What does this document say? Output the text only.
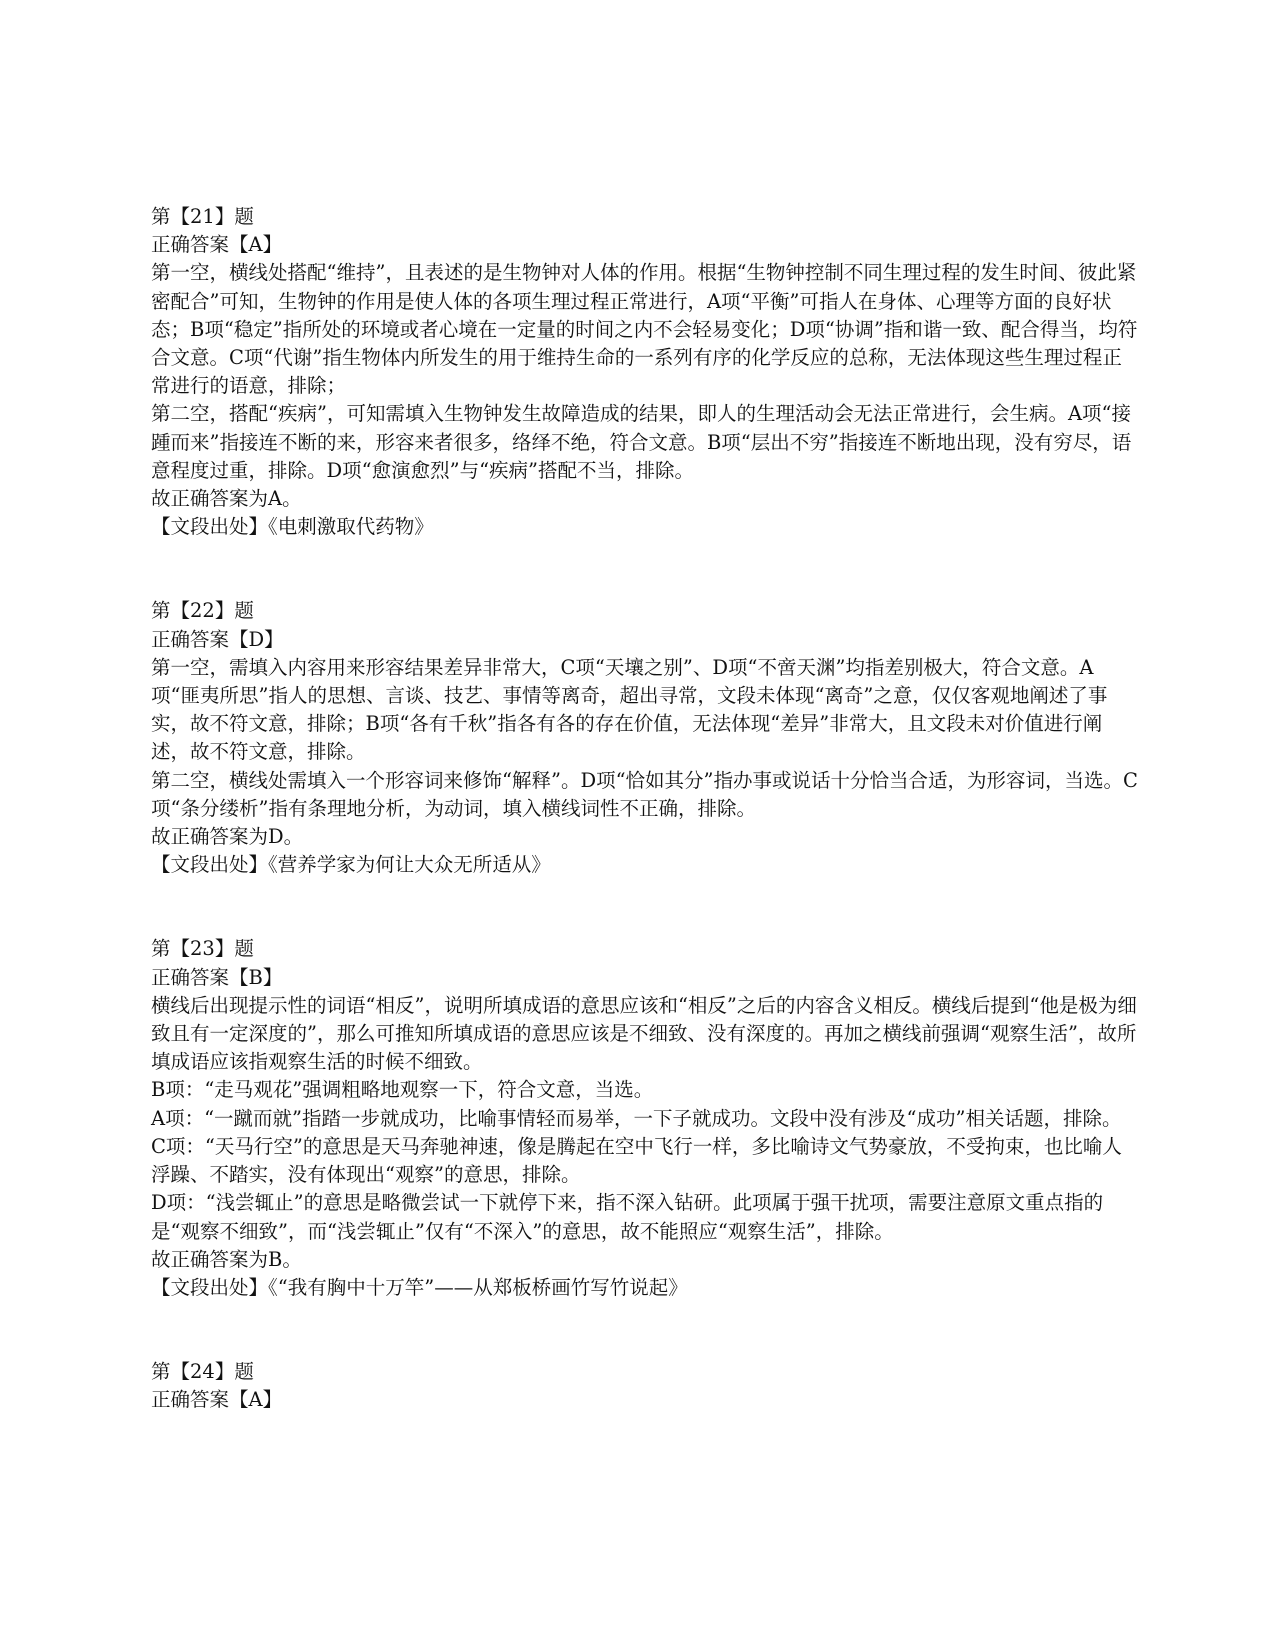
第【21】题

正确答案【A】

第一空，横线处搭配“维持”，且表述的是生物钟对人体的作用。根据“生物钟控制不同生理过程的发生时间、彼此紧密配合”可知，生物钟的作用是使人体的各项生理过程正常进行，A项“平衡”可指人在身体、心理等方面的良好状态；B项“稳定”指所处的环境或者心境在一定量的时间之内不会轻易变化；D项“协调”指和谐一致、配合得当，均符合文意。C项“代谢”指生物体内所发生的用于维持生命的一系列有序的化学反应的总称，无法体现这些生理过程正常进行的语意，排除；

第二空，搭配“疾病”，可知需填入生物钟发生故障造成的结果，即人的生理活动会无法正常进行，会生病。A项“接踵而来”指接连不断的来，形容来者很多，络绎不绝，符合文意。B项“层出不穷”指接连不断地出现，没有穷尽，语意程度过重，排除。D项“愈演愈烈”与“疾病”搭配不当，排除。

故正确答案为A。

【文段出处】《电刺激取代药物》

第【22】题

正确答案【D】

第一空，需填入内容用来形容结果差异非常大，C项“天壤之别”、D项“不啻天渊”均指差别极大，符合文意。A项“匪夷所思”指人的思想、言谈、技艺、事情等离奇，超出寻常，文段未体现“离奇”之意，仅仅客观地阐述了事实，故不符文意，排除；B项“各有千秋”指各有各的存在价值，无法体现“差异”非常大，且文段未对价值进行阐述，故不符文意，排除。

第二空，横线处需填入一个形容词来修饰“解释”。D项“恰如其分”指办事或说话十分恰当合适，为形容词，当选。C项“条分缕析”指有条理地分析，为动词，填入横线词性不正确，排除。

故正确答案为D。

【文段出处】《营养学家为何让大众无所适从》

第【23】题

正确答案【B】

横线后出现提示性的词语“相反”，说明所填成语的意思应该和“相反”之后的内容含义相反。横线后提到“他是极为细致且有一定深度的”，那么可推知所填成语的意思应该是不细致、没有深度的。再加之横线前强调“观察生活”，故所填成语应该指观察生活的时候不细致。

B项：“走马观花”强调粗略地观察一下，符合文意，当选。

A项：“一蹴而就”指踏一步就成功，比喻事情轻而易举，一下子就成功。文段中没有涉及“成功”相关话题，排除。

C项：“天马行空”的意思是天马奔驰神速，像是腾起在空中飞行一样，多比喻诗文气势豪放，不受拘束，也比喻人浮躁、不踏实，没有体现出“观察”的意思，排除。

D项：“浅尝辄止”的意思是略微尝试一下就停下来，指不深入钻研。此项属于强干扰项，需要注意原文重点指的是“观察不细致”，而“浅尝辄止”仅有“不深入”的意思，故不能照应“观察生活”，排除。

故正确答案为B。

【文段出处】《“我有胸中十万竿”——从郑板桥画竹写竹说起》

第【24】题

正确答案【A】
